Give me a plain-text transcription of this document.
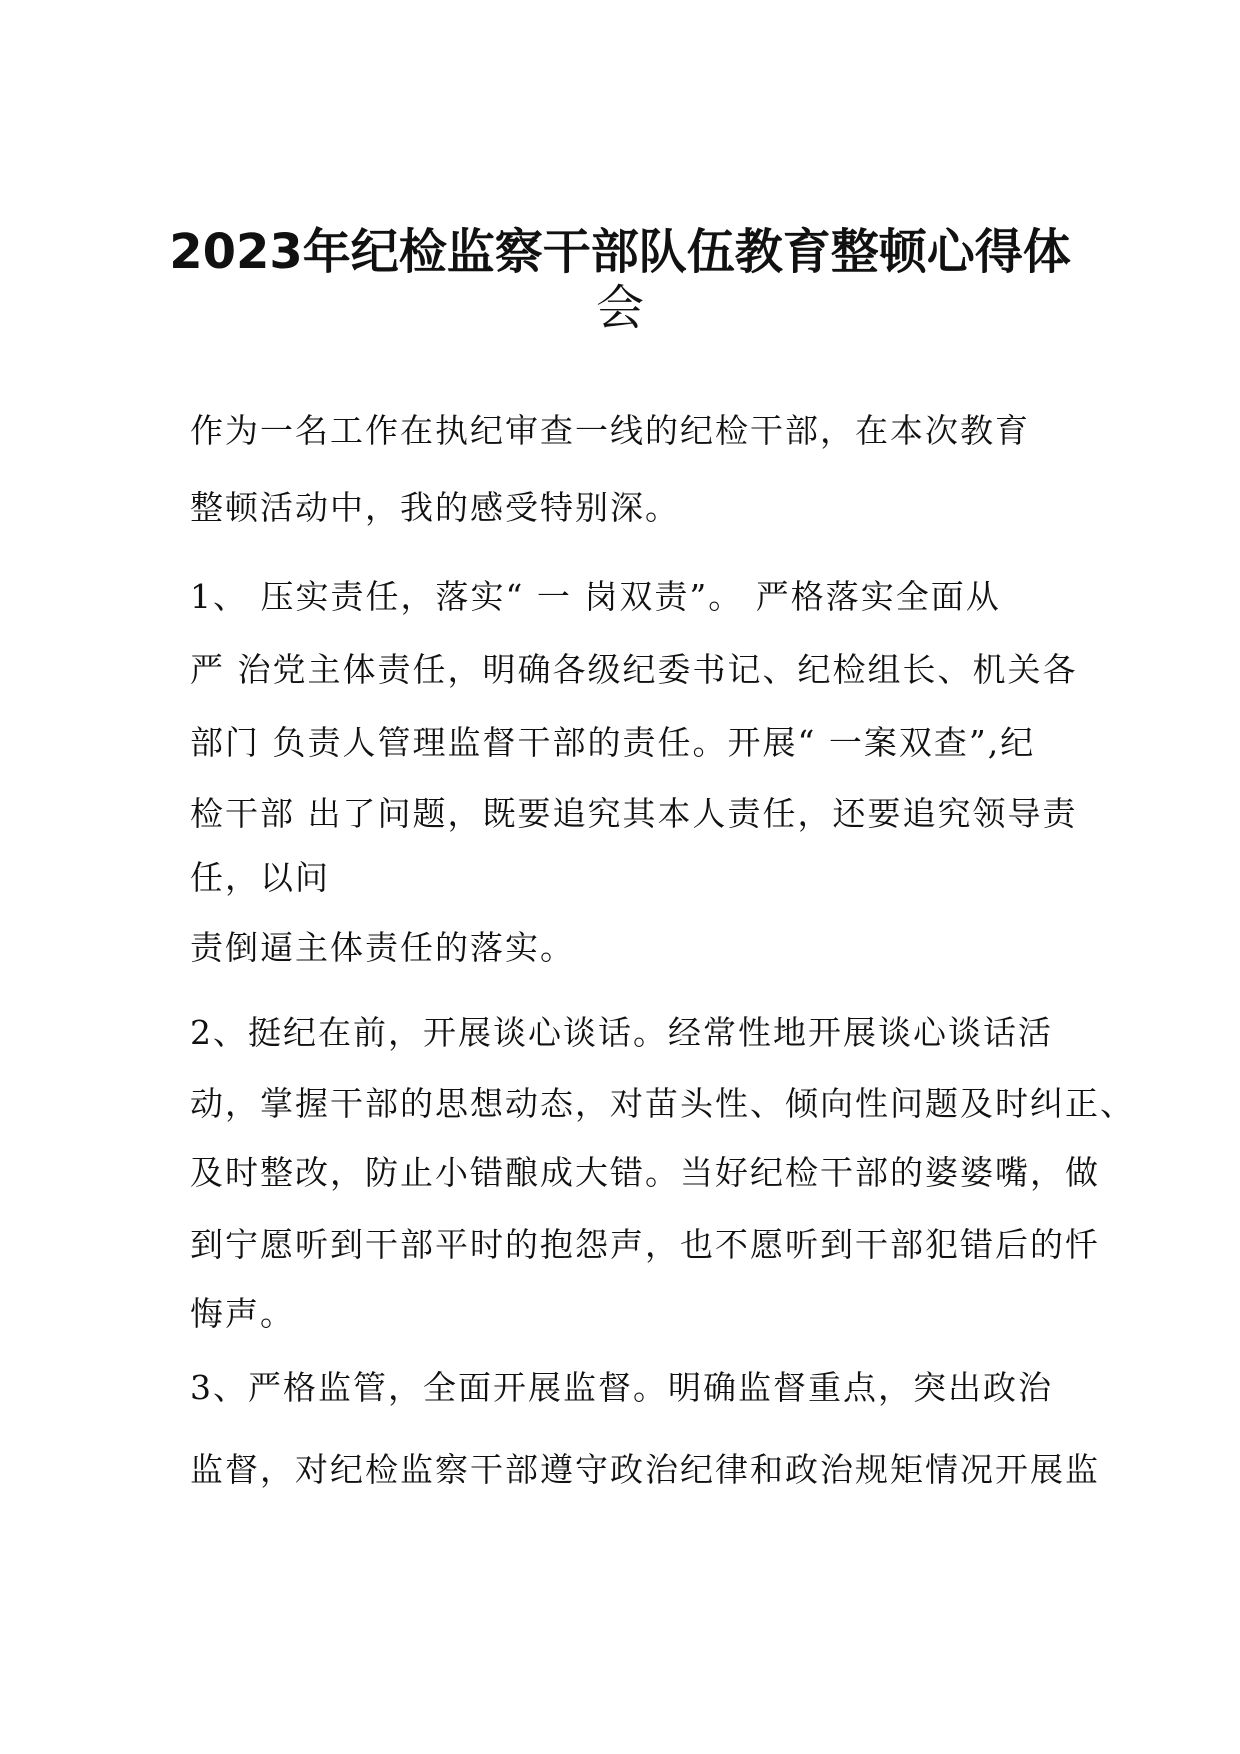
2023年纪检监察干部队伍教育整顿心得体
会
作为一名工作在执纪审查一线的纪检干部，在本次教育
整顿活动中，我的感受特别深。
1、 压实责任，落实“ 一 岗双责”。 严格落实全面从
严 治党主体责任，明确各级纪委书记、纪检组长、机关各
部门 负责人管理监督干部的责任。开展“ 一案双查”,纪
检干部 出了问题，既要追究其本人责任，还要追究领导责
任，以问
责倒逼主体责任的落实。
2、挺纪在前，开展谈心谈话。经常性地开展谈心谈话活
动，掌握干部的思想动态，对苗头性、倾向性问题及时纠正、
及时整改，防止小错酿成大错。当好纪检干部的婆婆嘴，做
到宁愿听到干部平时的抱怨声，也不愿听到干部犯错后的忏
悔声。
3、严格监管，全面开展监督。明确监督重点，突出政治
监督，对纪检监察干部遵守政治纪律和政治规矩情况开展监
